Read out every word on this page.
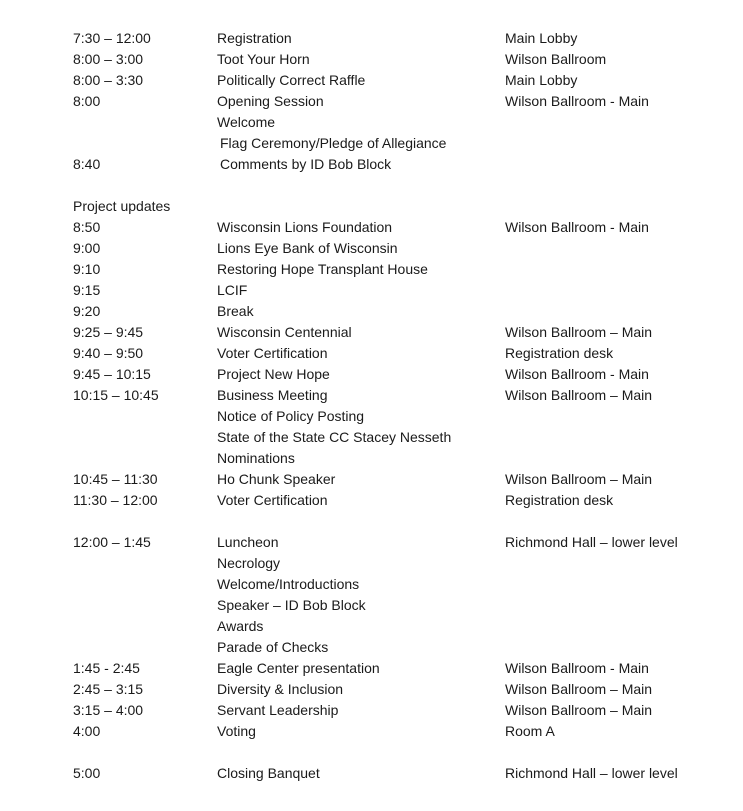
7:30 – 12:00	Registration	Main Lobby
8:00 – 3:00	Toot Your Horn	Wilson Ballroom
8:00 – 3:30	Politically Correct Raffle	Main Lobby
8:00	Opening Session	Wilson Ballroom - Main
Welcome
Flag Ceremony/Pledge of Allegiance
8:40	Comments by ID Bob Block
Project updates
8:50	Wisconsin Lions Foundation	Wilson Ballroom - Main
9:00	Lions Eye Bank of Wisconsin
9:10	Restoring Hope Transplant House
9:15	LCIF
9:20	Break
9:25 – 9:45	Wisconsin Centennial	Wilson Ballroom – Main
9:40 – 9:50	Voter Certification	Registration desk
9:45 – 10:15	Project New Hope	Wilson Ballroom - Main
10:15 – 10:45	Business Meeting	Wilson Ballroom – Main
Notice of Policy Posting
State of the State CC Stacey Nesseth
Nominations
10:45 – 11:30	Ho Chunk Speaker	Wilson Ballroom – Main
11:30 – 12:00	Voter Certification	Registration desk
12:00 – 1:45	Luncheon	Richmond Hall – lower level
Necrology
Welcome/Introductions
Speaker – ID Bob Block
Awards
Parade of Checks
1:45 - 2:45	Eagle Center presentation	Wilson Ballroom - Main
2:45 – 3:15	Diversity & Inclusion	Wilson Ballroom – Main
3:15 – 4:00	Servant Leadership	Wilson Ballroom – Main
4:00	Voting	Room A
5:00	Closing Banquet	Richmond Hall – lower level
